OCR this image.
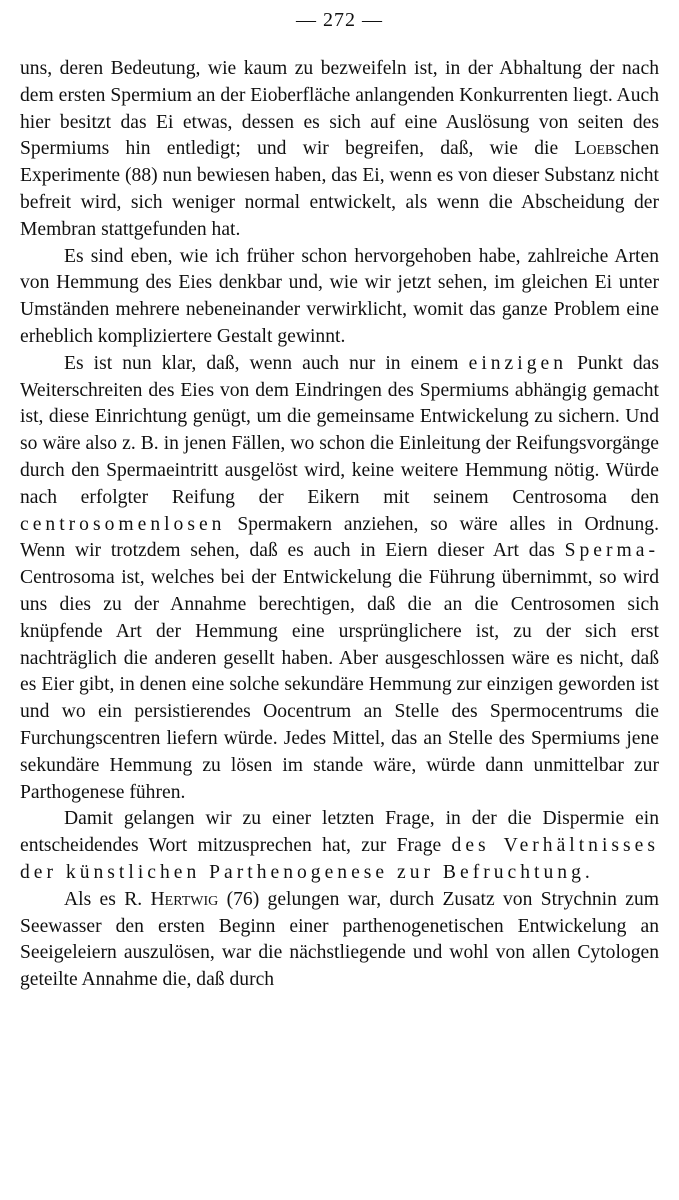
— 272 —

uns, deren Bedeutung, wie kaum zu bezweifeln ist, in der Abhaltung der nach dem ersten Spermium an der Eioberfläche anlangenden Konkurrenten liegt. Auch hier besitzt das Ei etwas, dessen es sich auf eine Auslösung von seiten des Spermiums hin entledigt; und wir begreifen, daß, wie die Loebschen Experimente (88) nun bewiesen haben, das Ei, wenn es von dieser Substanz nicht befreit wird, sich weniger normal entwickelt, als wenn die Abscheidung der Membran stattgefunden hat.

Es sind eben, wie ich früher schon hervorgehoben habe, zahlreiche Arten von Hemmung des Eies denkbar und, wie wir jetzt sehen, im gleichen Ei unter Umständen mehrere nebeneinander verwirklicht, womit das ganze Problem eine erheblich kompliziertere Gestalt gewinnt.

Es ist nun klar, daß, wenn auch nur in einem einzigen Punkt das Weiterschreiten des Eies von dem Eindringen des Spermiums abhängig gemacht ist, diese Einrichtung genügt, um die gemeinsame Entwickelung zu sichern. Und so wäre also z. B. in jenen Fällen, wo schon die Einleitung der Reifungsvorgänge durch den Spermaeintritt ausgelöst wird, keine weitere Hemmung nötig. Würde nach erfolgter Reifung der Eikern mit seinem Centrosoma den centrosomenlosen Spermakern anziehen, so wäre alles in Ordnung. Wenn wir trotzdem sehen, daß es auch in Eiern dieser Art das Sperma-Centrosoma ist, welches bei der Entwickelung die Führung übernimmt, so wird uns dies zu der Annahme berechtigen, daß die an die Centrosomen sich knüpfende Art der Hemmung eine ursprünglichere ist, zu der sich erst nachträglich die anderen gesellt haben. Aber ausgeschlossen wäre es nicht, daß es Eier gibt, in denen eine solche sekundäre Hemmung zur einzigen geworden ist und wo ein persistierendes Oocentrum an Stelle des Spermocentrums die Furchungscentren liefern würde. Jedes Mittel, das an Stelle des Spermiums jene sekundäre Hemmung zu lösen im stande wäre, würde dann unmittelbar zur Parthogenese führen.

Damit gelangen wir zu einer letzten Frage, in der die Dispermie ein entscheidendes Wort mitzusprechen hat, zur Frage des Verhältnisses der künstlichen Parthenogenese zur Befruchtung.

Als es R. Hertwig (76) gelungen war, durch Zusatz von Strychnin zum Seewasser den ersten Beginn einer parthenogenetischen Entwickelung an Seeigeleiern auszulösen, war die nächstliegende und wohl von allen Cytologen geteilte Annahme die, daß durch
